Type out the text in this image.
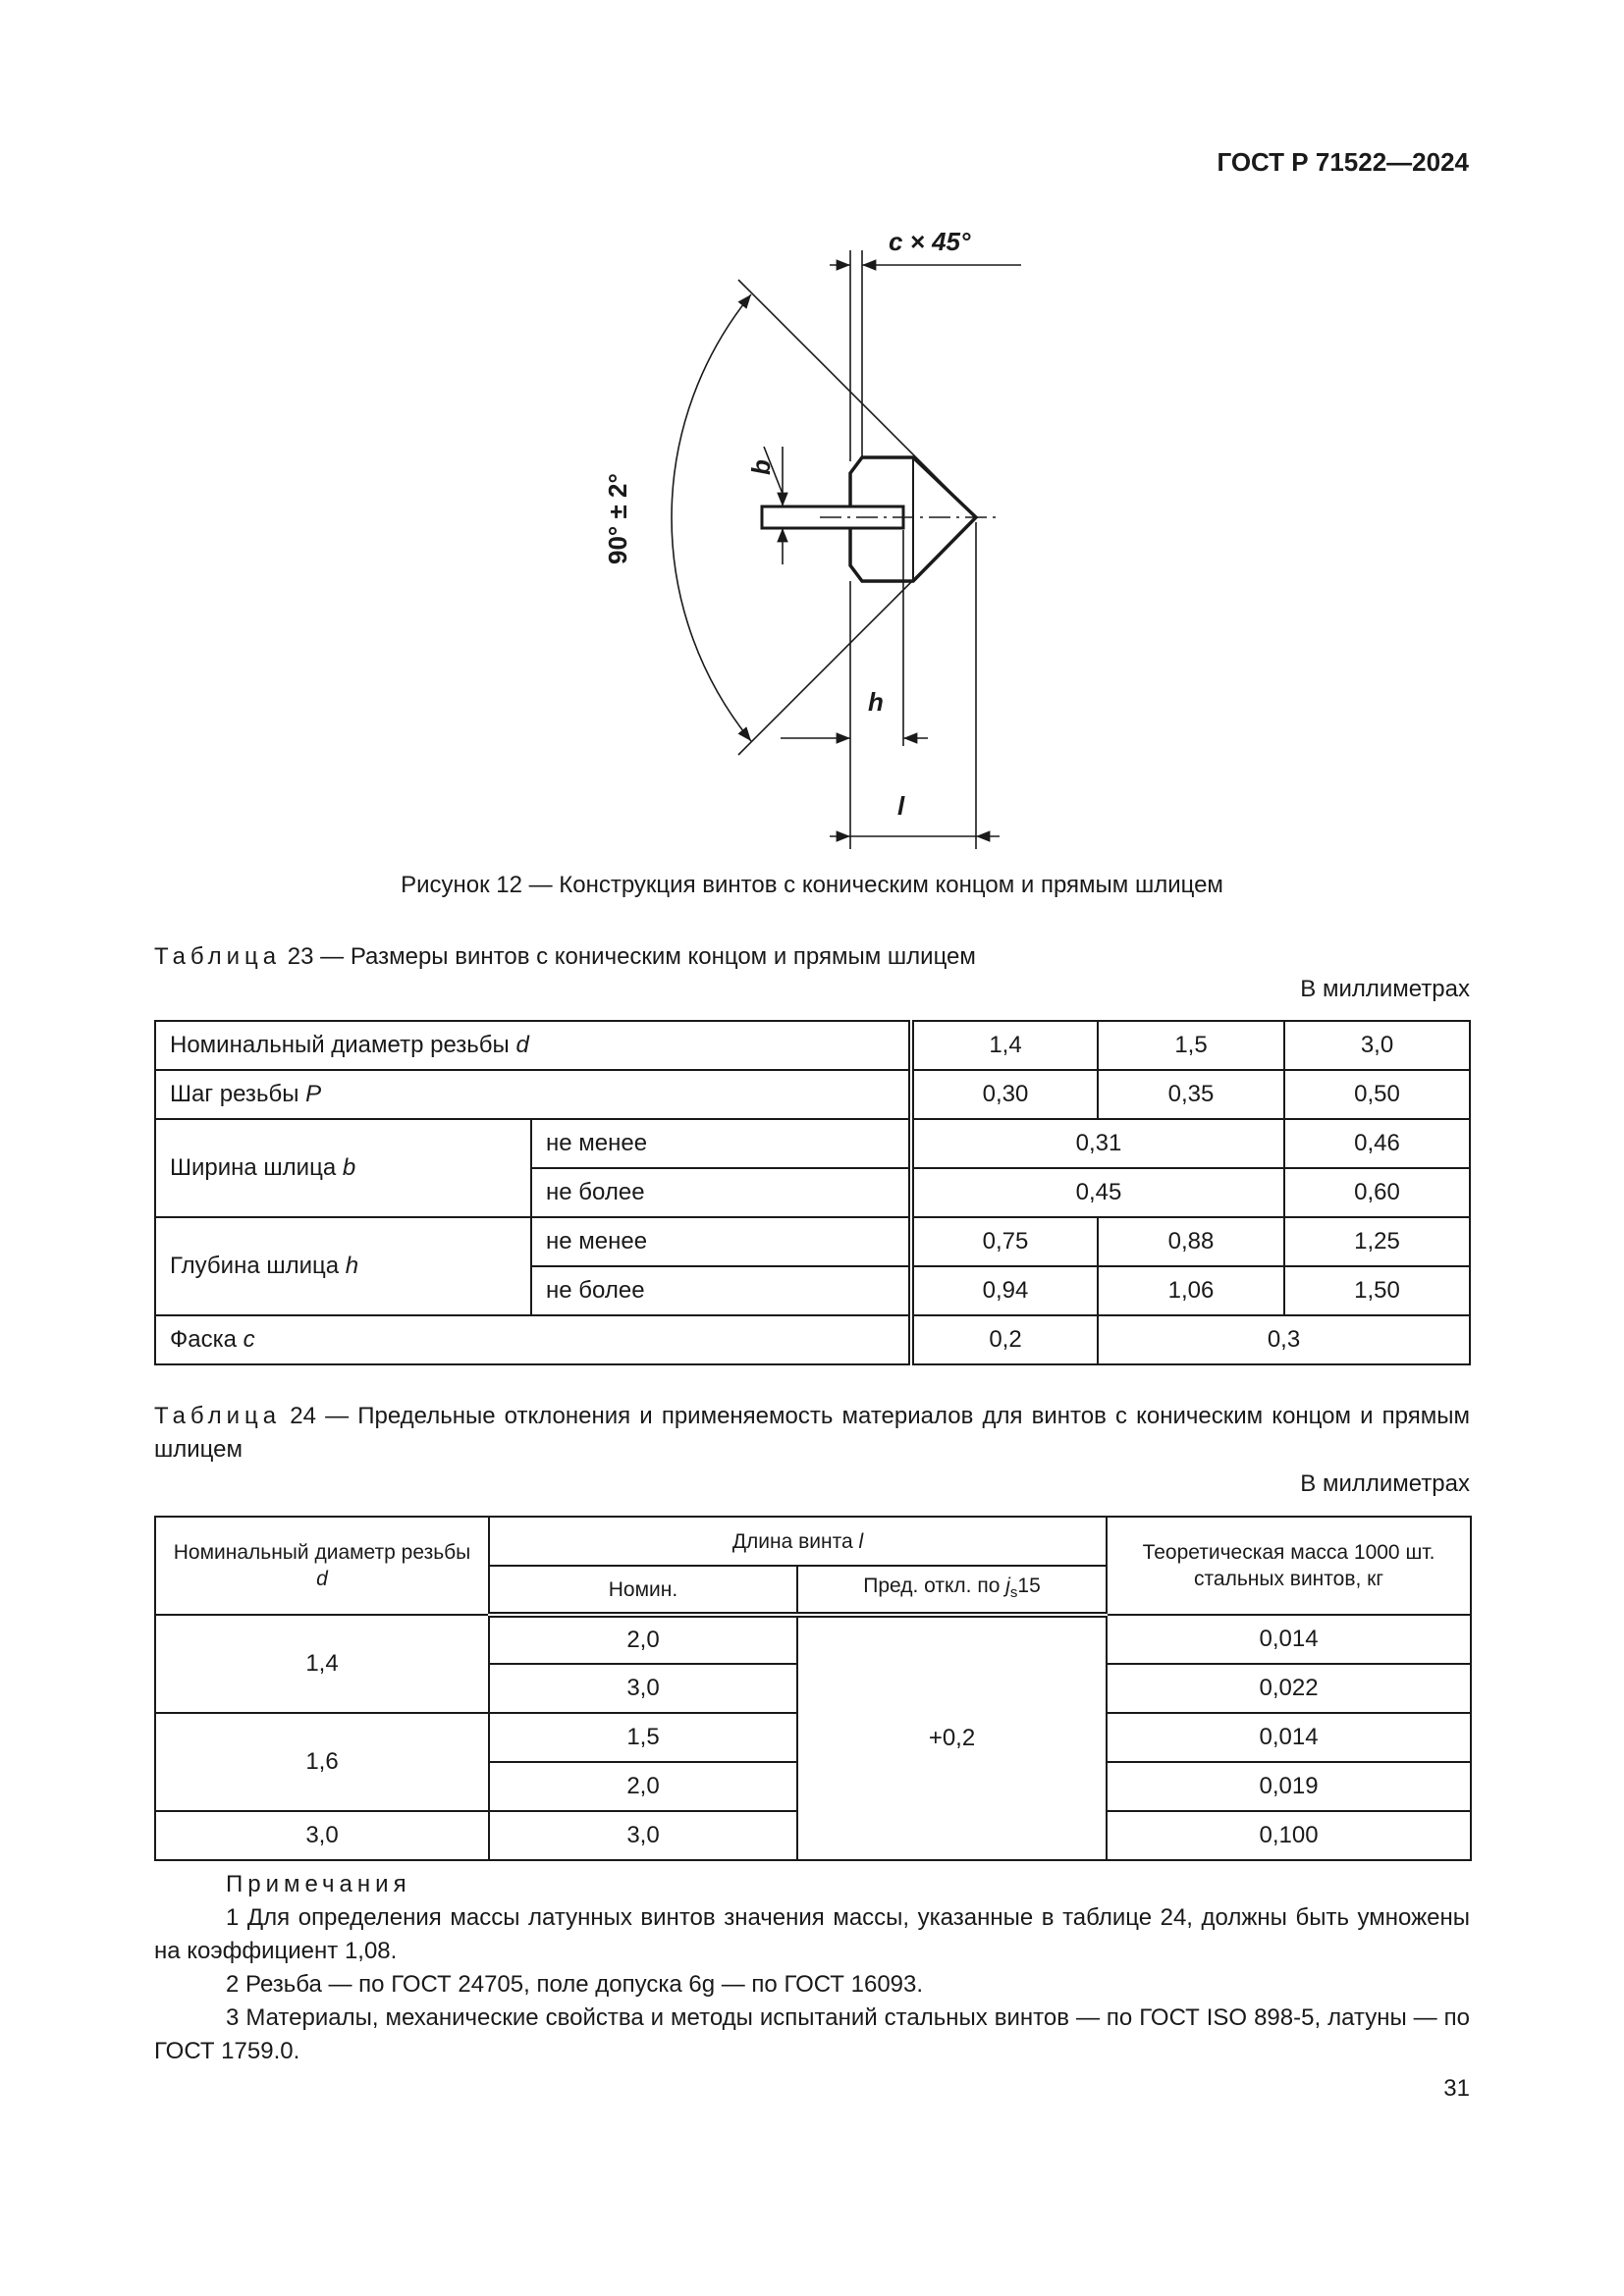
ГОСТ Р 71522—2024
c × 45°
90° ± 2°
b
h
l
Рисунок 12 — Конструкция винтов с коническим концом и прямым шлицем
Таблица 23 — Размеры винтов с коническим концом и прямым шлицем
В миллиметрах
Номинальный диаметр резьбы d		1,4	1,5	3,0
Шаг резьбы P		0,30	0,35	0,50
Ширина шлица b	не менее	0,31		0,46
	не более	0,45		0,60
Глубина шлица h	не менее	0,75	0,88	1,25
	не более	0,94	1,06	1,50
Фаска c		0,2	0,3	
Таблица 24 — Предельные отклонения и применяемость материалов для винтов с коническим концом и прямым шлицем
В миллиметрах
Номинальный диаметр резьбы
d	Длина винта l		Теоретическая масса 1000 шт. стальных винтов, кг
	Номин.	Пред. откл. по $j_s15$	
1,4	2,0	+0,2	0,014
	3,0		0,022
1,6	1,5		0,014
	2,0		0,019
3,0	3,0		0,100
Примечания

1 Для определения массы латунных винтов значения массы, указанные в таблице 24, должны быть умножены на коэффициент 1,08.

2 Резьба — по ГОСТ 24705, поле допуска 6g — по ГОСТ 16093.

3 Материалы, механические свойства и методы испытаний стальных винтов — по ГОСТ ISO 898-5, латуны — по ГОСТ 1759.0.

31
